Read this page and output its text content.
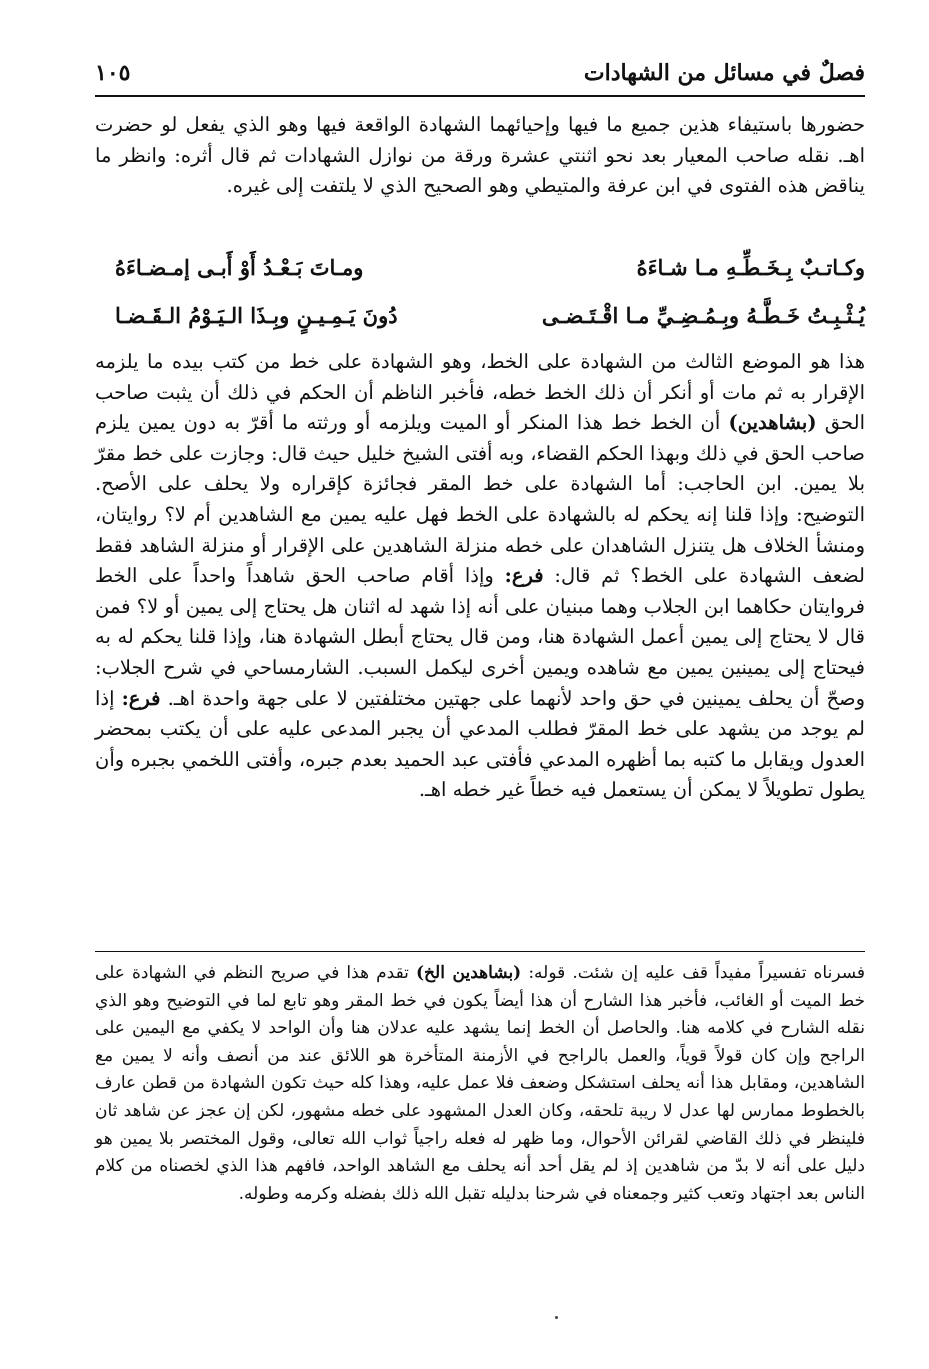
فصلٌ في مسائل من الشهادات
١٠٥

حضورها باستيفاء هذين جميع ما فيها وإحيائهما الشهادة الواقعة فيها وهو الذي يفعل لو حضرت اهـ. نقله صاحب المعيار بعد نحو اثنتي عشرة ورقة من نوازل الشهادات ثم قال أثره: وانظر ما يناقض هذه الفتوى في ابن عرفة والمتيطي وهو الصحيح الذي لا يلتفت إلى غيره.

وكـاتـبٌ بِـخَـطِّـهِ مـا شـاءَهُ
ومـاتَ بَـعْـدُ أَوْ أَبـى إمـضـاءَهُ
يُـثْـبِـتُ خَـطَّـهُ وبِـمُـضِـيِّ مـا اقْـتَـضـى
دُونَ يَـمِـيـنٍ وبِـذَا الـيَـوْمُ الـقَـضـا

هذا هو الموضع الثالث من الشهادة على الخط، وهو الشهادة على خط من كتب بيده ما يلزمه الإقرار به ثم مات أو أنكر أن ذلك الخط خطه، فأخبر الناظم أن الحكم في ذلك أن يثبت صاحب الحق (بشاهدين) أن الخط خط هذا المنكر أو الميت ويلزمه أو ورثته ما أقرّ به دون يمين يلزم صاحب الحق في ذلك وبهذا الحكم القضاء، وبه أفتى الشيخ خليل حيث قال: وجازت على خط مقرّ بلا يمين. ابن الحاجب: أما الشهادة على خط المقر فجائزة كإقراره ولا يحلف على الأصح. التوضيح: وإذا قلنا إنه يحكم له بالشهادة على الخط فهل عليه يمين مع الشاهدين أم لا؟ روايتان، ومنشأ الخلاف هل يتنزل الشاهدان على خطه منزلة الشاهدين على الإقرار أو منزلة الشاهد فقط لضعف الشهادة على الخط؟ ثم قال: فرع: وإذا أقام صاحب الحق شاهداً واحداً على الخط فروايتان حكاهما ابن الجلاب وهما مبنيان على أنه إذا شهد له اثنان هل يحتاج إلى يمين أو لا؟ فمن قال لا يحتاج إلى يمين أعمل الشهادة هنا، ومن قال يحتاج أبطل الشهادة هنا، وإذا قلنا يحكم له به فيحتاج إلى يمينين يمين مع شاهده ويمين أخرى ليكمل السبب. الشارمساحي في شرح الجلاب: وصحّ أن يحلف يمينين في حق واحد لأنهما على جهتين مختلفتين لا على جهة واحدة اهـ. فرع: إذا لم يوجد من يشهد على خط المقرّ فطلب المدعي أن يجبر المدعى عليه على أن يكتب بمحضر العدول ويقابل ما كتبه بما أظهره المدعي فأفتى عبد الحميد بعدم جبره، وأفتى اللخمي بجبره وأن يطول تطويلاً لا يمكن أن يستعمل فيه خطاً غير خطه اهـ.

فسرناه تفسيراً مفيداً قف عليه إن شئت. قوله: (بشاهدين الخ) تقدم هذا في صريح النظم في الشهادة على خط الميت أو الغائب، فأخبر هذا الشارح أن هذا أيضاً يكون في خط المقر وهو تابع لما في التوضيح وهو الذي نقله الشارح في كلامه هنا. والحاصل أن الخط إنما يشهد عليه عدلان هنا وأن الواحد لا يكفي مع اليمين على الراجح وإن كان قولاً قوياً، والعمل بالراجح في الأزمنة المتأخرة هو اللائق عند من أنصف وأنه لا يمين مع الشاهدين، ومقابل هذا أنه يحلف استشكل وضعف فلا عمل عليه، وهذا كله حيث تكون الشهادة من قطن عارف بالخطوط ممارس لها عدل لا ريبة تلحقه، وكان العدل المشهود على خطه مشهور، لكن إن عجز عن شاهد ثان فلينظر في ذلك القاضي لقرائن الأحوال، وما ظهر له فعله راجياً ثواب الله تعالى، وقول المختصر بلا يمين هو دليل على أنه لا بدّ من شاهدين إذ لم يقل أحد أنه يحلف مع الشاهد الواحد، فافهم هذا الذي لخصناه من كلام الناس بعد اجتهاد وتعب كثير وجمعناه في شرحنا بدليله تقبل الله ذلك بفضله وكرمه وطوله.
